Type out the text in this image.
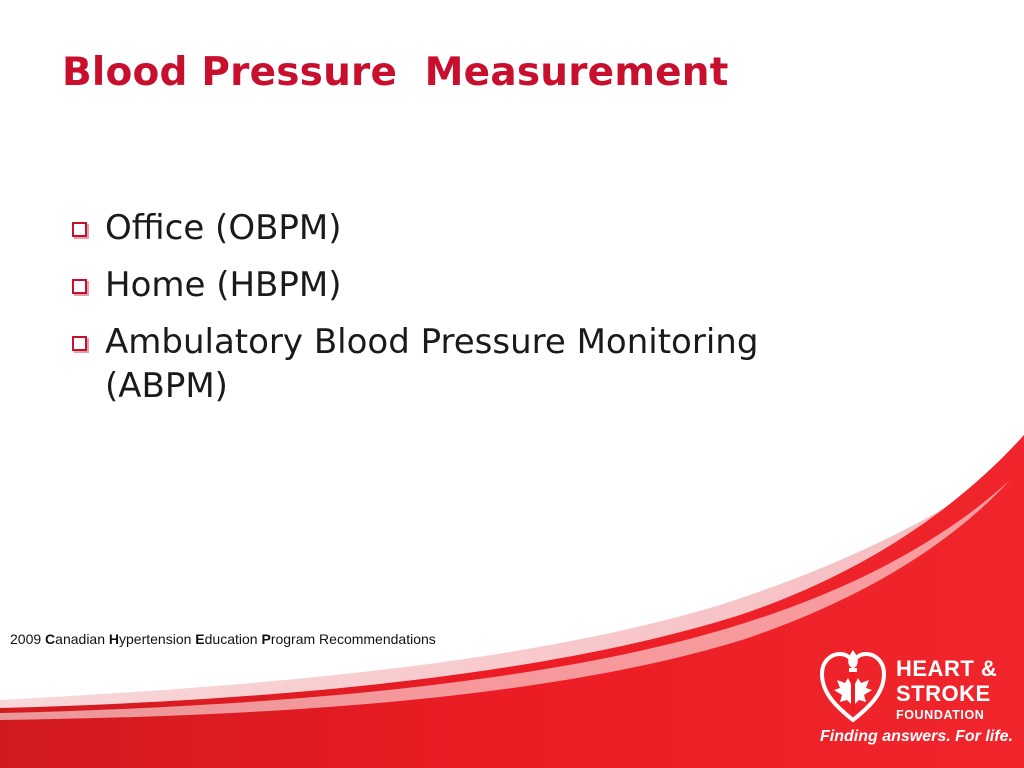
Blood Pressure  Measurement
Office (OBPM)
Home (HBPM)
Ambulatory Blood Pressure Monitoring (ABPM)
2009 Canadian Hypertension Education Program Recommendations
HEART &
STROKE
FOUNDATION
Finding answers. For life.
